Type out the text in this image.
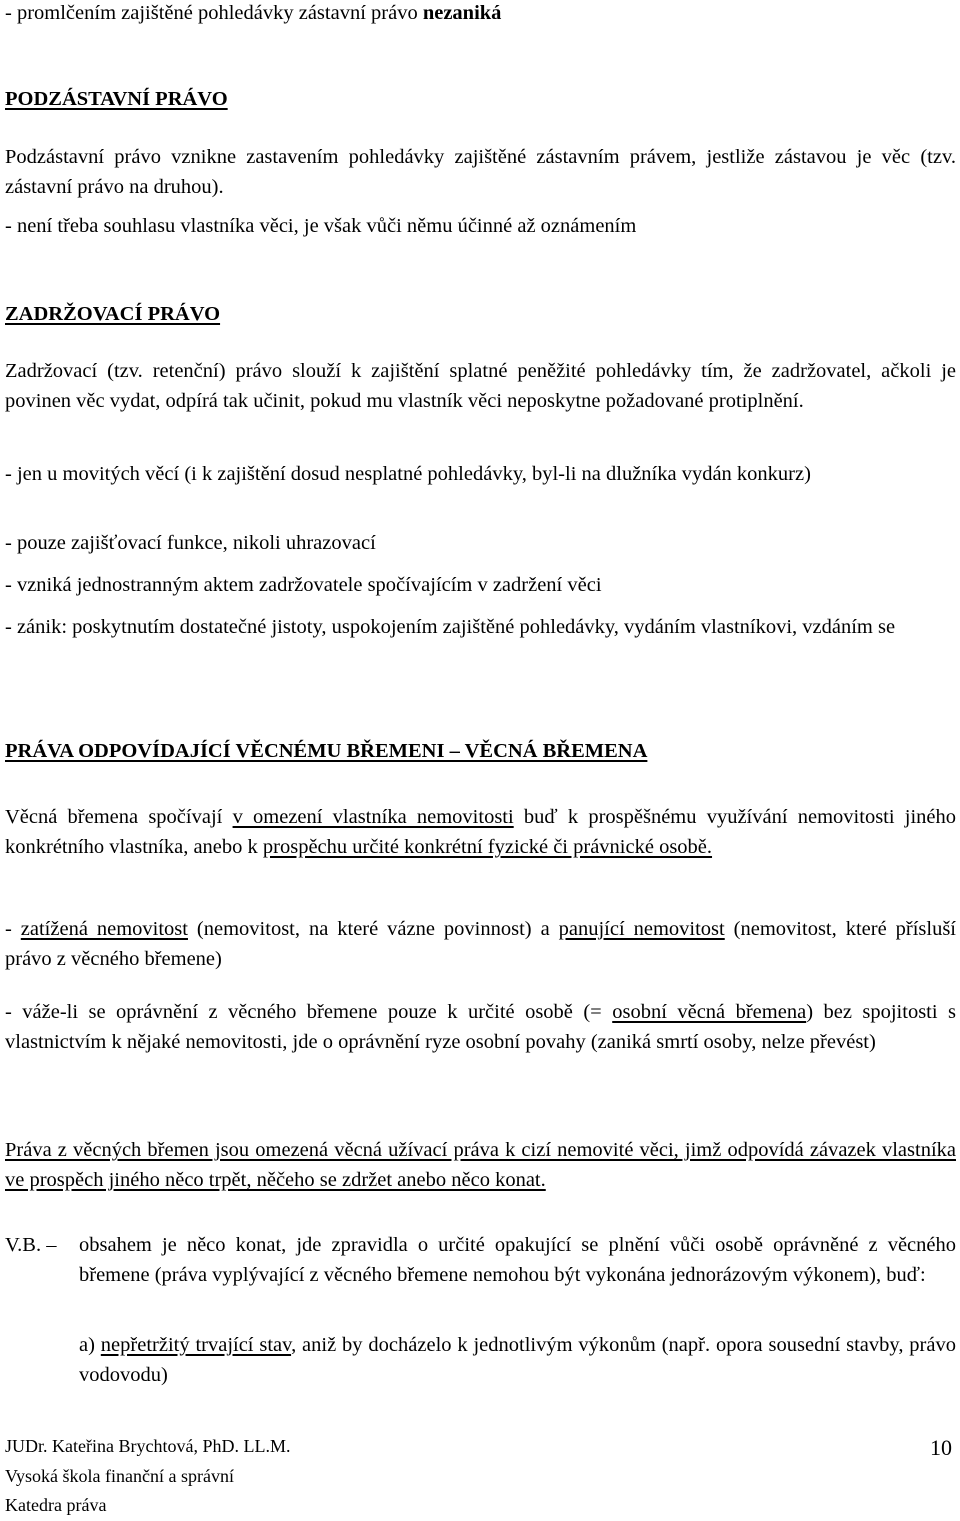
- promlčením zajištěné pohledávky zástavní právo nezaniká

PODZÁSTAVNÍ PRÁVO

Podzástavní právo vznikne zastavením pohledávky zajištěné zástavním právem, jestliže zástavou je věc (tzv. zástavní právo na druhou).

- není třeba souhlasu vlastníka věci, je však vůči němu účinné až oznámením

ZADRŽOVACÍ PRÁVO

Zadržovací (tzv. retenční) právo slouží k zajištění splatné peněžité pohledávky tím, že zadržovatel, ačkoli je povinen věc vydat, odpírá tak učinit, pokud mu vlastník věci neposkytne požadované protiplnění.

- jen u movitých věcí (i k zajištění dosud nesplatné pohledávky, byl-li na dlužníka vydán konkurz)

- pouze zajišťovací funkce, nikoli uhrazovací

- vzniká jednostranným aktem zadržovatele spočívajícím v zadržení věci

- zánik: poskytnutím dostatečné jistoty, uspokojením zajištěné pohledávky, vydáním vlastníkovi, vzdáním se

PRÁVA ODPOVÍDAJÍCÍ VĚCNÉMU BŘEMENI – VĚCNÁ BŘEMENA

Věcná břemena spočívají v omezení vlastníka nemovitosti buď k prospěšnému využívání nemovitosti jiného konkrétního vlastníka, anebo k prospěchu určité konkrétní fyzické či právnické osobě.

- zatížená nemovitost (nemovitost, na které vázne povinnost) a panující nemovitost (nemovitost, které přísluší právo z věcného břemene)

- váže-li se oprávnění z věcného břemene pouze k určité osobě (= osobní věcná břemena) bez spojitosti s vlastnictvím k nějaké nemovitosti, jde o oprávnění ryze osobní povahy (zaniká smrtí osoby, nelze převést)

Práva z věcných břemen jsou omezená věcná užívací práva k cizí nemovité věci, jimž odpovídá závazek vlastníka ve prospěch jiného něco trpět, něčeho se zdržet anebo něco konat.

V.B. – obsahem je něco konat, jde zpravidla o určité opakující se plnění vůči osobě oprávněné z věcného břemene (práva vyplývající z věcného břemene nemohou být vykonána jednorázovým výkonem), buď:

a) nepřetržitý trvající stav, aniž by docházelo k jednotlivým výkonům (např. opora sousední stavby, právo vodovodu)

JUDr. Kateřina Brychtová, PhD. LL.M.
Vysoká škola finanční a správní
Katedra práva
10
